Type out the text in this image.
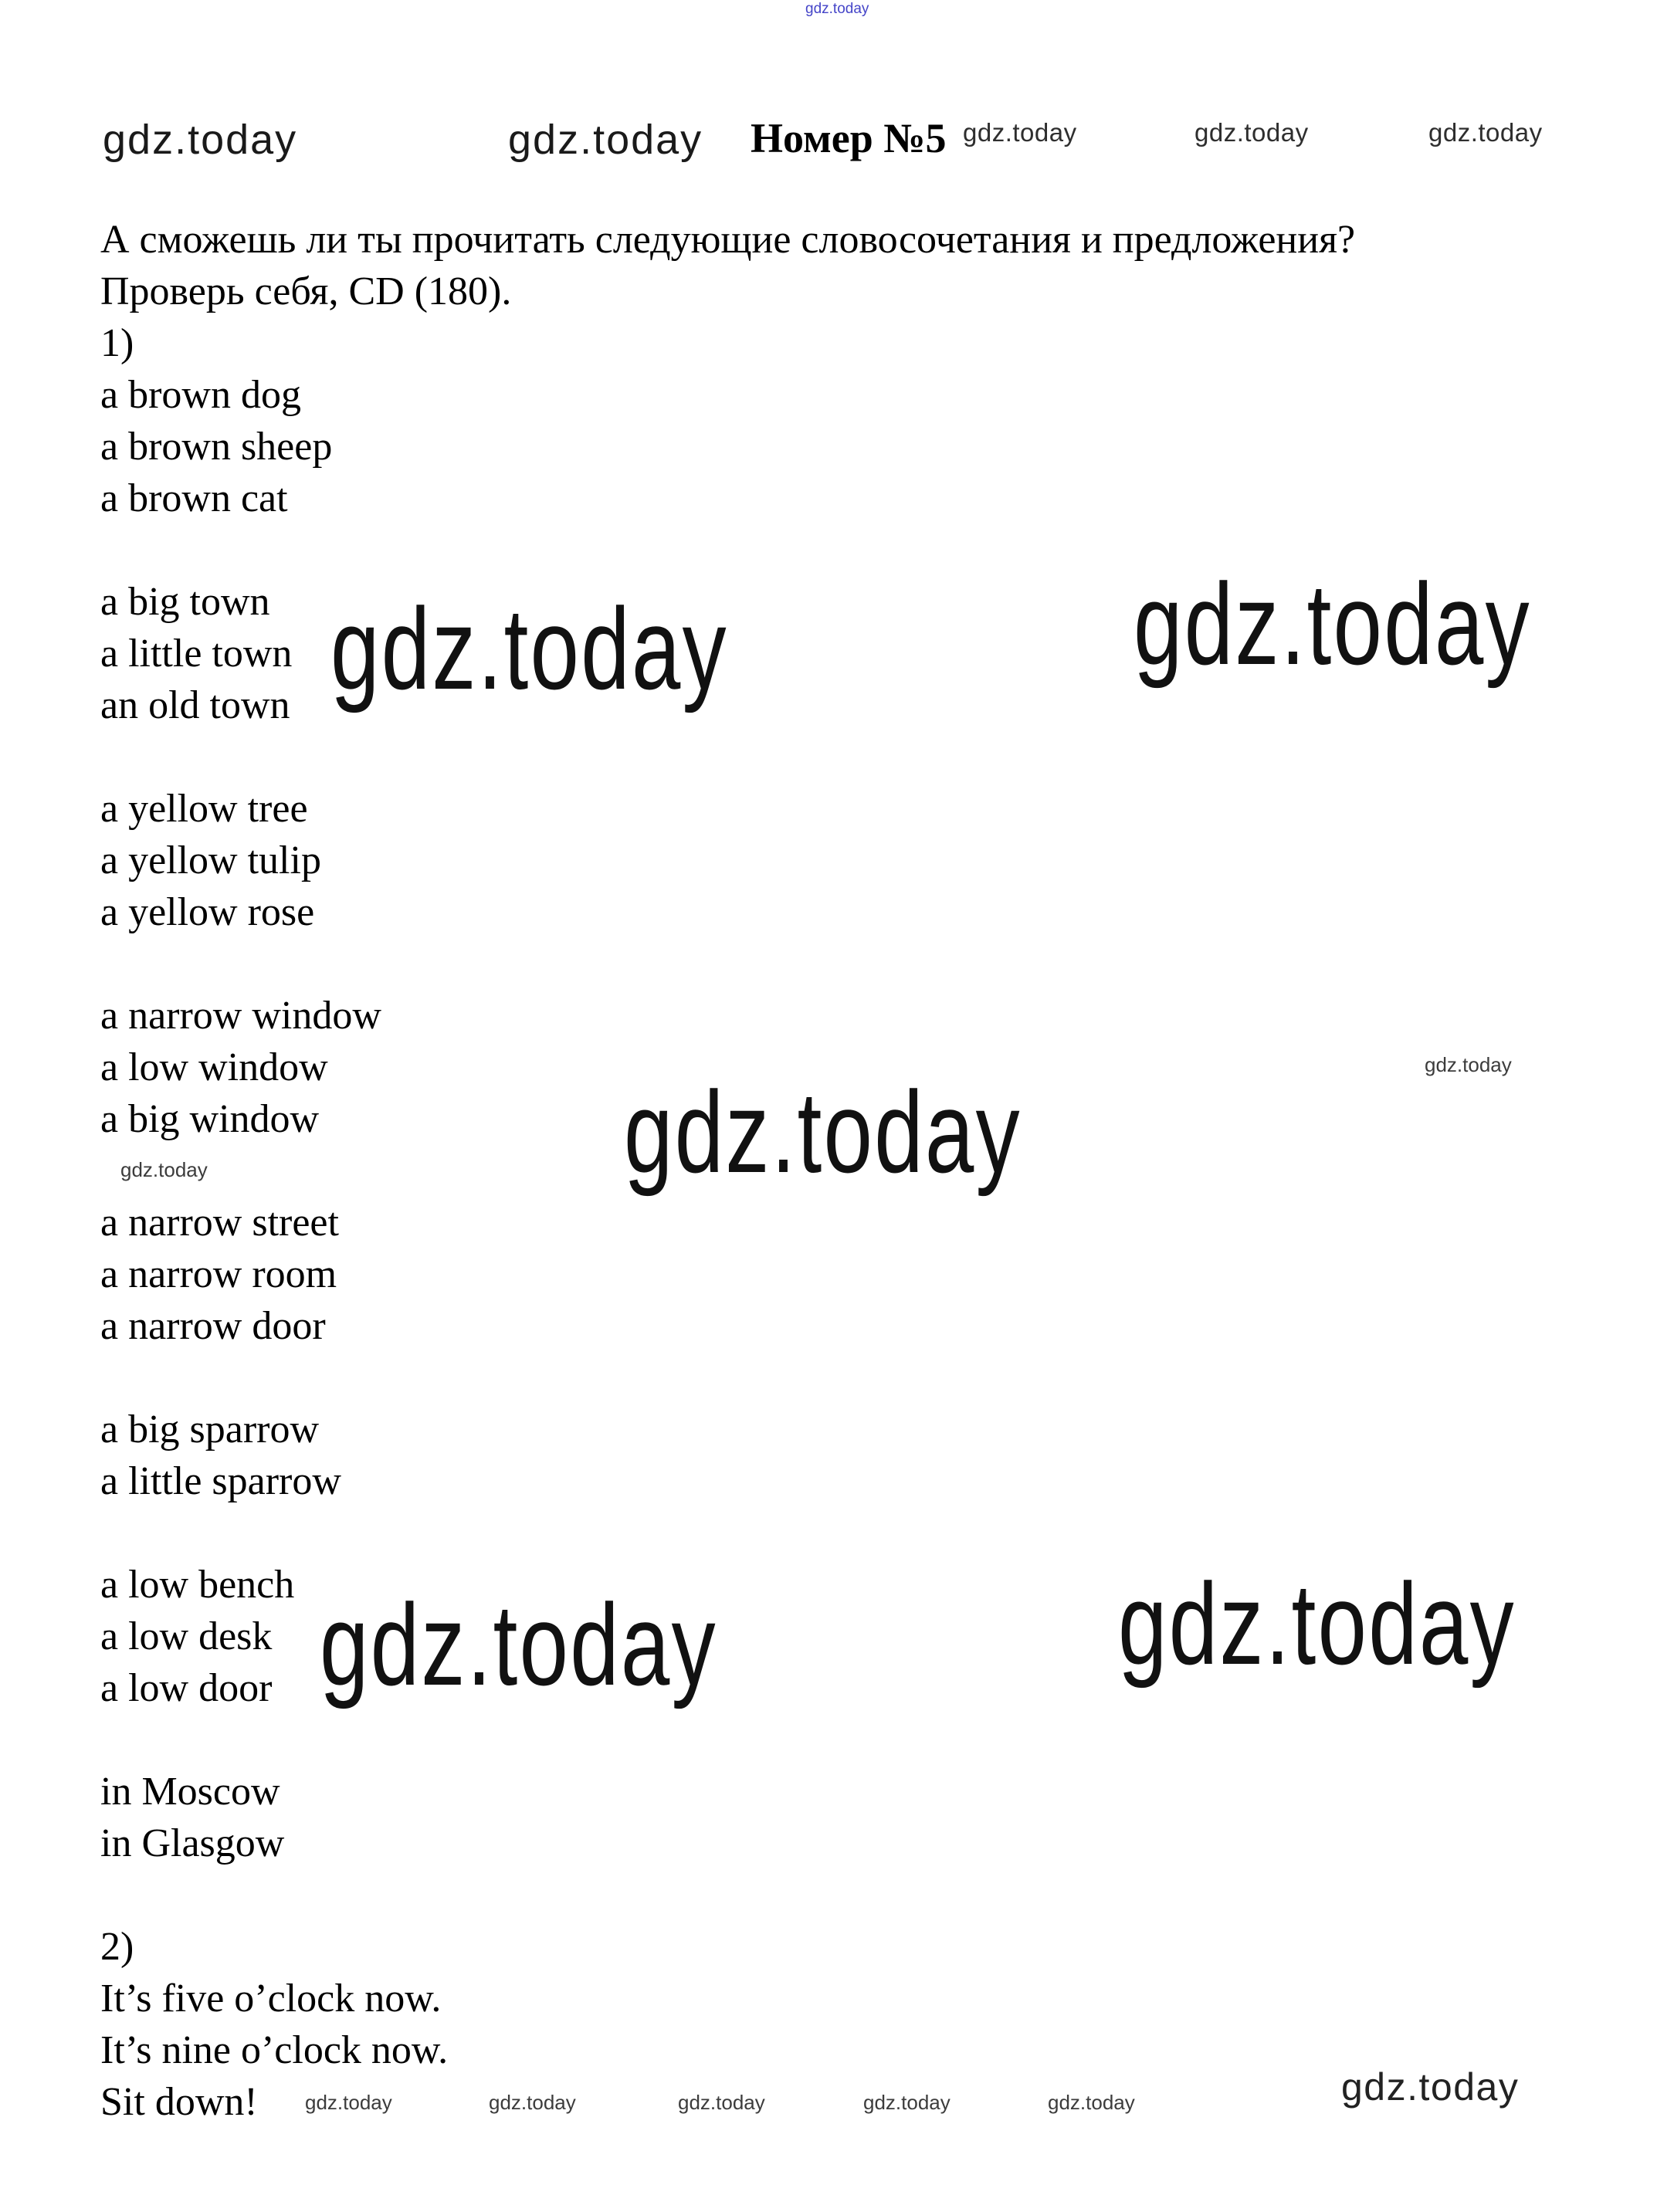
gdz.today
gdz.today	gdz.today Номер №5 gdz.today	gdz.today	gdz.today
А сможешь ли ты прочитать следующие словосочетания и предложения?
Проверь себя, CD (180).
1)
a brown dog
a brown sheep
a brown cat
a big town
a little town
an old town
a yellow tree
a yellow tulip
a yellow rose
a narrow window
a low window
a big window
a narrow street
a narrow room
a narrow door
a big sparrow
a little sparrow
a low bench
a low desk
a low door
in Moscow
in Glasgow
2)
It’s five o’clock now.
It’s nine o’clock now.
Sit down!
gdz.today	gdz.today
gdz.today
gdz.today	gdz.today
gdz.today
gdz.today
gdz.today	gdz.today	gdz.today	gdz.today	gdz.today	gdz.today
